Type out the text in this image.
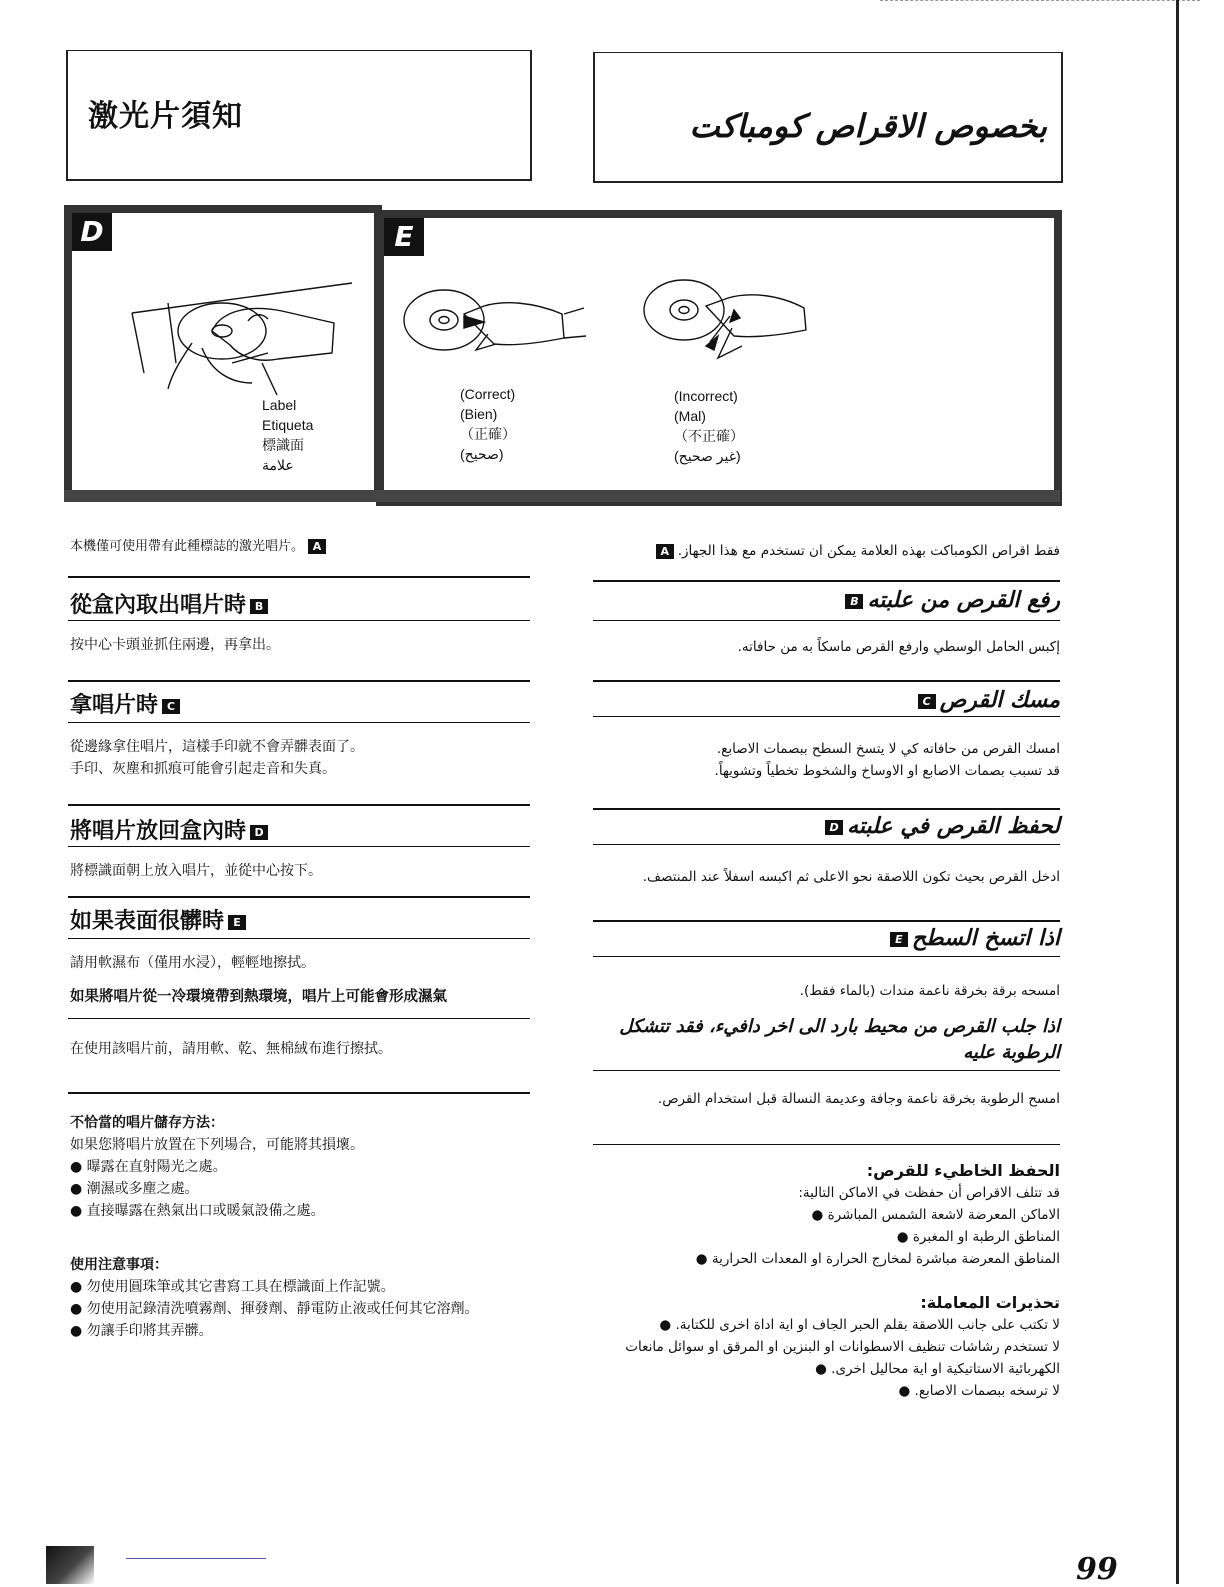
激光片須知	بخصوص الاقراص كومباكت
D
Label
Etiqueta
標識面
علامة
E
(Correct)
(Bien)
（正確）
(صحيح)
(Incorrect)
(Mal)
（不正確）
(غير صحيح)
本機僅可使用帶有此種標誌的激光唱片。 A
從盒內取出唱片時 B
按中心卡頭並抓住兩邊，再拿出。
拿唱片時 C
從邊緣拿住唱片，這樣手印就不會弄髒表面了。
手印、灰塵和抓痕可能會引起走音和失真。
將唱片放回盒內時 D
將標識面朝上放入唱片，並從中心按下。
如果表面很髒時 E
請用軟濕布（僅用水浸），輕輕地擦拭。
如果將唱片從一冷環境帶到熱環境，唱片上可能會形成濕氣
在使用該唱片前，請用軟、乾、無棉絨布進行擦拭。
不恰當的唱片儲存方法：
如果您將唱片放置在下列場合，可能將其損壞。
● 曝露在直射陽光之處。
● 潮濕或多塵之處。
● 直接曝露在熱氣出口或暖氣設備之處。
使用注意事項：
● 勿使用圓珠筆或其它書寫工具在標識面上作記號。
● 勿使用記錄清洗噴霧劑、揮發劑、靜電防止液或任何其它溶劑。
● 勿讓手印將其弄髒。
فقط اقراص الكومباكت بهذه العلامة يمكن ان تستخدم مع هذا الجهاز.A
رفع القرص من علبتهB
إكبس الحامل الوسطي وارفع القرص ماسكاً به من حافاته.
مسك القرصC
امسك القرص من حافاته كي لا يتسخ السطح ببصمات الاصابع.
قد تسبب بصمات الاصابع او الاوساخ والشخوط تخطياً وتشويهاً.
لحفظ القرص في علبتهD
ادخل القرص بحيث تكون اللاصقة نحو الاعلى ثم اكبسه اسفلاً عند المنتصف.
اذا اتسخ السطحE
امسحه برقة بخرقة ناعمة مندات (بالماء فقط).
اذا جلب القرص من محيط بارد الى اخر دافيء، فقد تتشكل الرطوبة عليه
امسح الرطوبة بخرقة ناعمة وجافة وعديمة النسالة قبل استخدام القرص.
الحفظ الخاطيء للقرص:
قد تتلف الاقراص أن حفظت في الاماكن التالية:
الاماكن المعرضة لاشعة الشمس المباشرة ●
المناطق الرطبة او المغبرة ●
المناطق المعرضة مباشرة لمخارج الحرارة او المعدات الحرارية ●
تحذيرات المعاملة:
لا تكتب على جانب اللاصقة بقلم الحبر الجاف او اية اداة اخرى للكتابة. ●
لا تستخدم رشاشات تنظيف الاسطوانات او البنزين او المرقق او سوائل مانعات الكهربائية الاستاتيكية او اية محاليل اخرى. ●
لا ترسخه ببصمات الاصابع. ●
99
